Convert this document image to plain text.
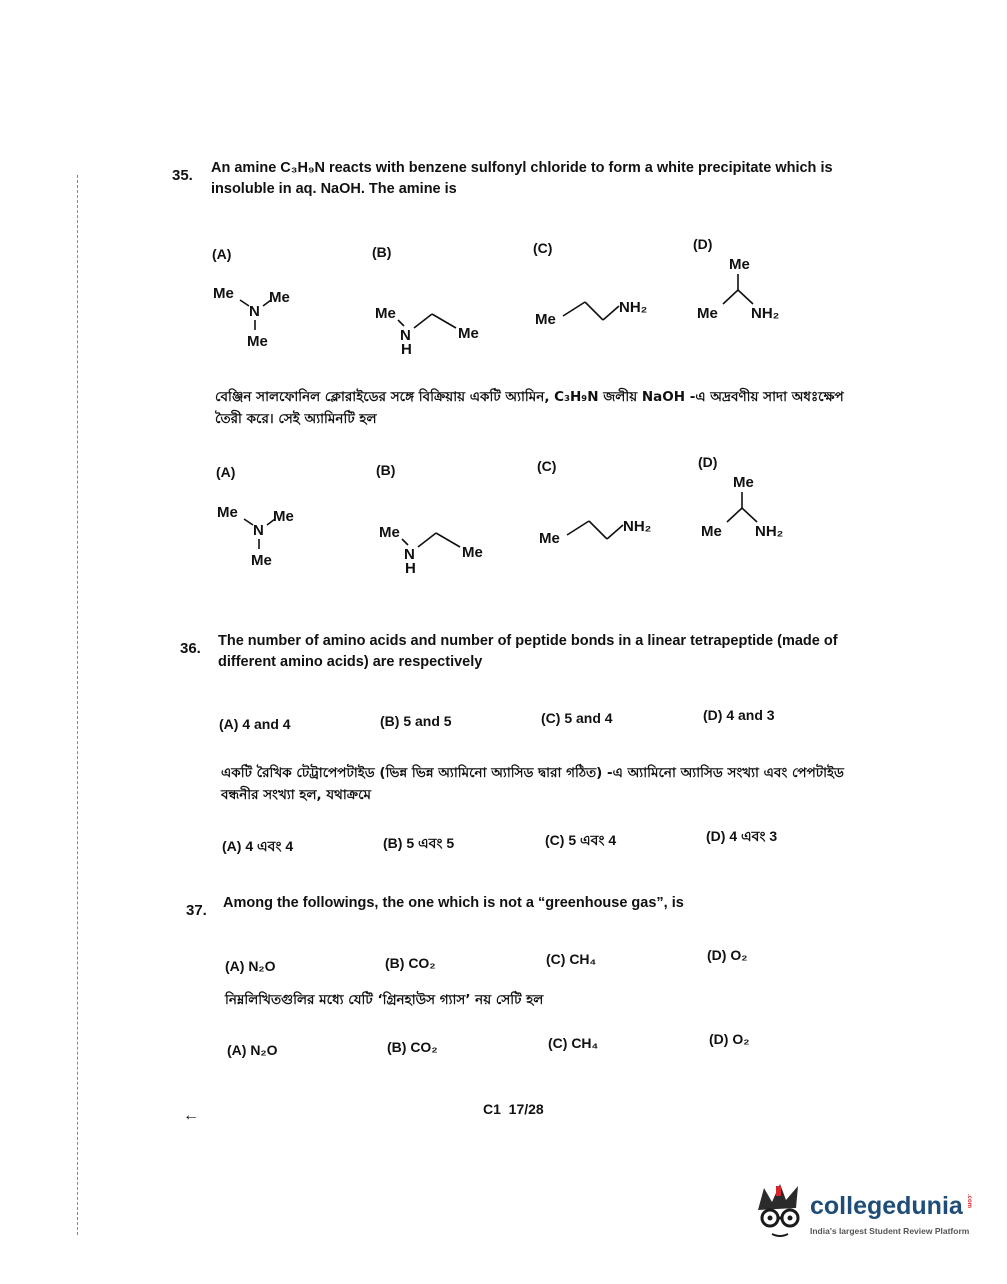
35. An amine C₃H₉N reacts with benzene sulfonyl chloride to form a white precipitate which is insoluble in aq. NaOH. The amine is
(A)	(B)	(C)	(D)
Me Me
N
Me
Me
N
H
Me
Me
NH₂
Me
Me NH₂
বেঞ্জিন সালফোনিল ক্লোরাইডের সঙ্গে বিক্রিয়ায় একটি অ্যামিন, C₃H₉N জলীয় NaOH -এ অদ্রবণীয় সাদা অধঃক্ষেপ তৈরী করে। সেই অ্যামিনটি হল
(A)	(B)	(C)	(D)
Me Me
N
Me
Me
N
H
Me
Me
NH₂
Me
Me NH₂
36. The number of amino acids and number of peptide bonds in a linear tetrapeptide (made of different amino acids) are respectively
(A) 4 and 4	(B) 5 and 5	(C) 5 and 4	(D) 4 and 3
একটি রৈখিক টেট্রাপেপটাইড (ভিন্ন ভিন্ন অ্যামিনো অ্যাসিড দ্বারা গঠিত) -এ অ্যামিনো অ্যাসিড সংখ্যা এবং পেপটাইড বন্ধনীর সংখ্যা হল, যথাক্রমে
(A) 4 এবং 4	(B) 5 এবং 5	(C) 5 এবং 4	(D) 4 এবং 3
37. Among the followings, the one which is not a “greenhouse gas”, is
(A) N₂O	(B) CO₂	(C) CH₄	(D) O₂
নিম্নলিখিতগুলির মধ্যে যেটি ‘গ্রিনহাউস গ্যাস’ নয় সেটি হল
(A) N₂O	(B) CO₂	(C) CH₄	(D) O₂
←	C1  17/28
collegedunia .com
India's largest Student Review Platform
